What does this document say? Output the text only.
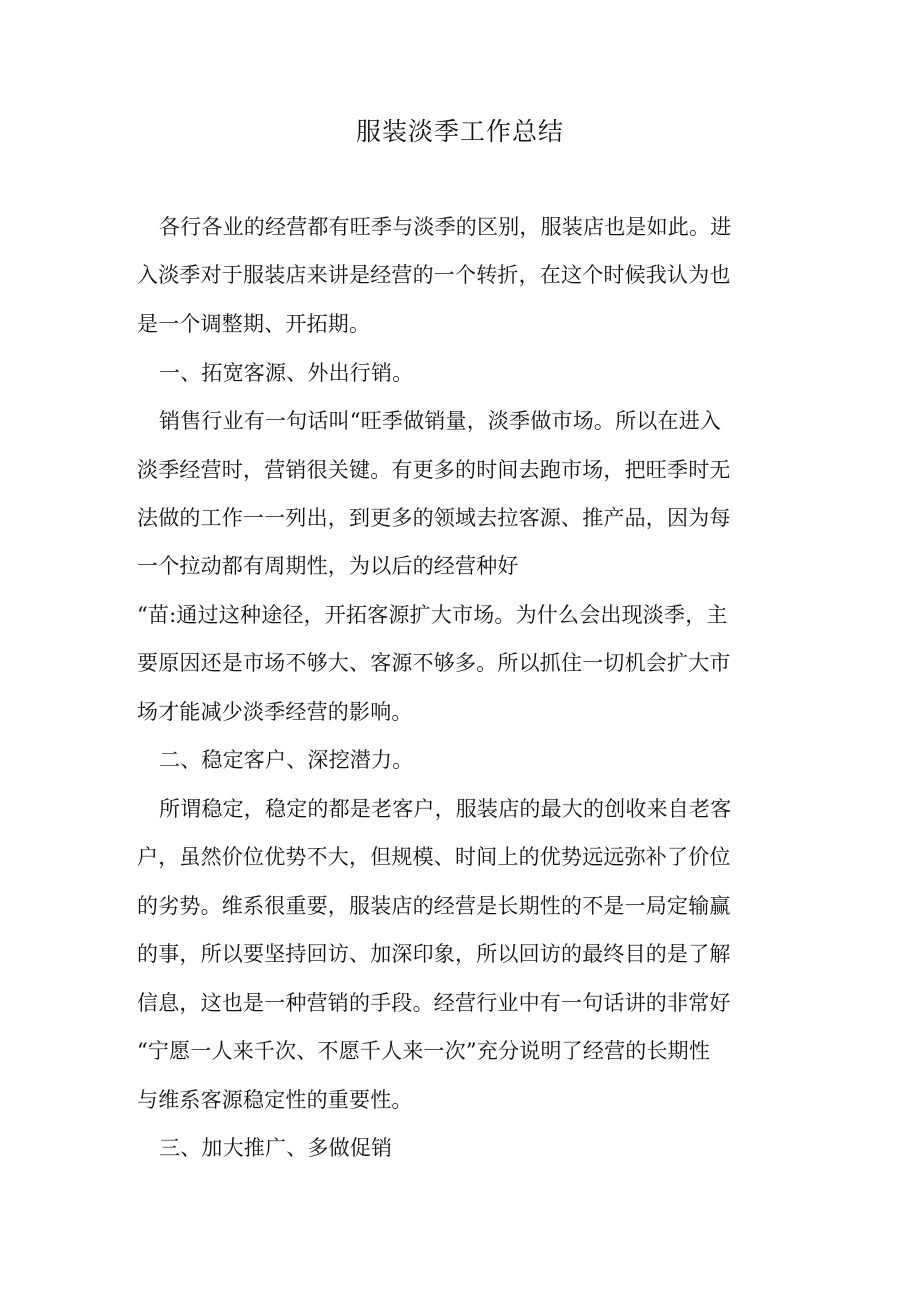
服装淡季工作总结

各行各业的经营都有旺季与淡季的区别，服装店也是如此。进

入淡季对于服装店来讲是经营的一个转折，在这个时候我认为也

是一个调整期、开拓期。

一、拓宽客源、外出行销。

销售行业有一句话叫“旺季做销量，淡季做市场。所以在进入

淡季经营时，营销很关键。有更多的时间去跑市场，把旺季时无

法做的工作一一列出，到更多的领域去拉客源、推产品，因为每

一个拉动都有周期性，为以后的经营种好

“苗:通过这种途径，开拓客源扩大市场。为什么会出现淡季，主

要原因还是市场不够大、客源不够多。所以抓住一切机会扩大市

场才能减少淡季经营的影响。

二、稳定客户、深挖潜力。

所谓稳定，稳定的都是老客户，服装店的最大的创收来自老客

户，虽然价位优势不大，但规模、时间上的优势远远弥补了价位

的劣势。维系很重要，服装店的经营是长期性的不是一局定输赢

的事，所以要坚持回访、加深印象，所以回访的最终目的是了解

信息，这也是一种营销的手段。经营行业中有一句话讲的非常好

“宁愿一人来千次、不愿千人来一次”充分说明了经营的长期性

与维系客源稳定性的重要性。

三、加大推广、多做促销
